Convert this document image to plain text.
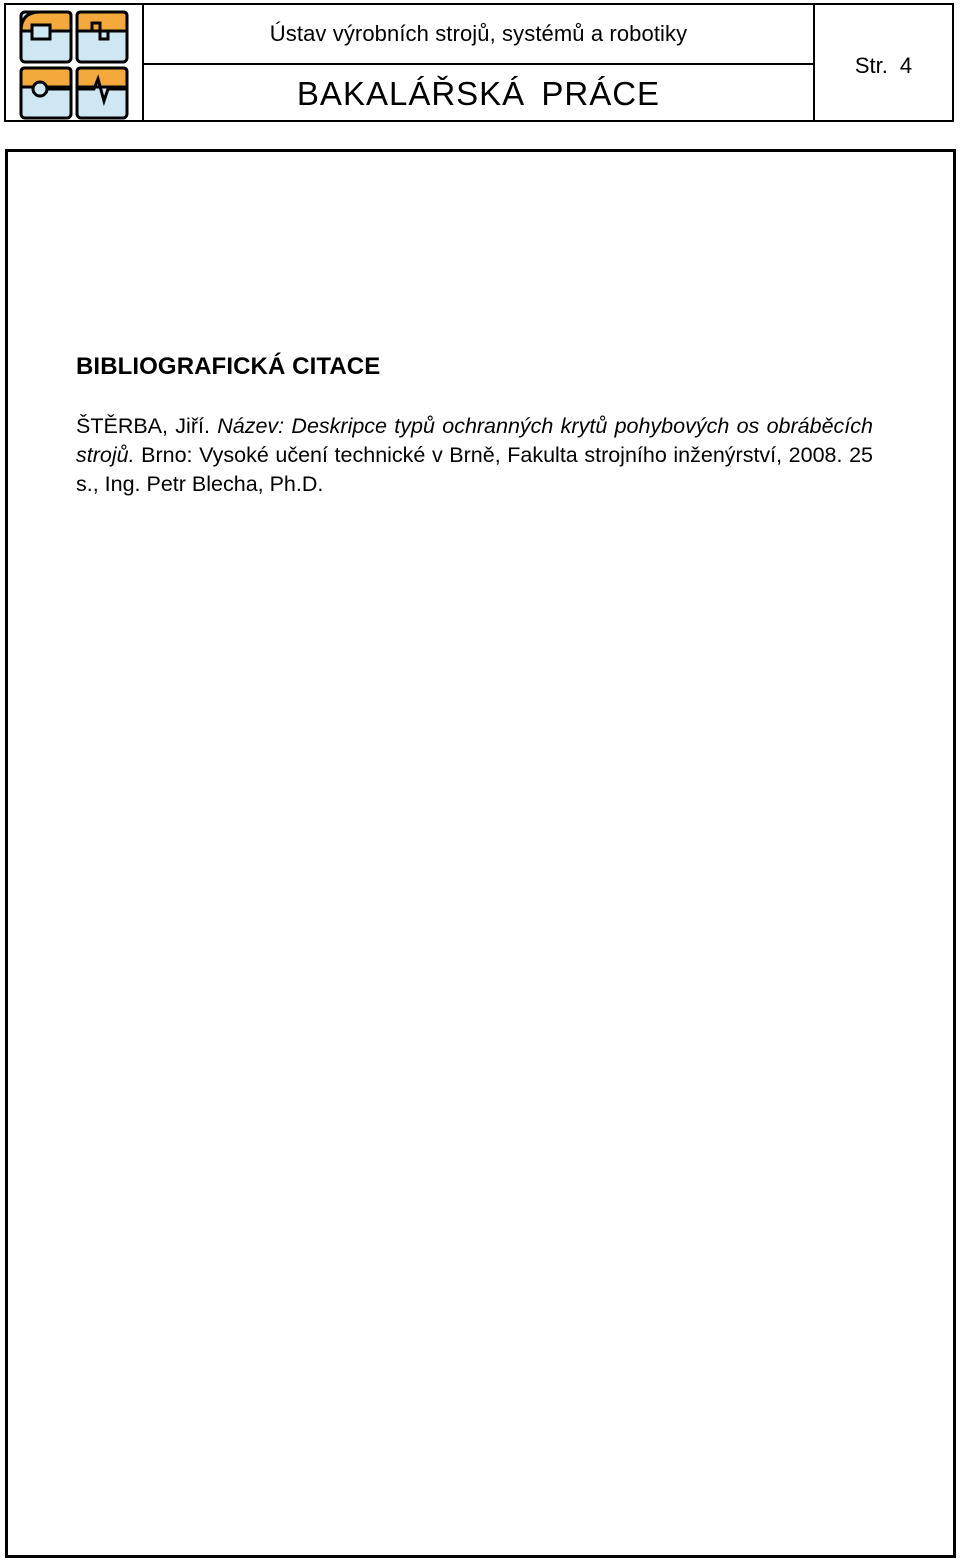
Ústav výrobních strojů, systémů a robotiky
BAKALÁŘSKÁ PRÁCE
Str. 4
BIBLIOGRAFICKÁ CITACE
ŠTĚRBA, Jiří. Název: Deskripce typů ochranných krytů pohybových os obráběcích strojů. Brno: Vysoké učení technické v Brně, Fakulta strojního inženýrství, 2008. 25 s., Ing. Petr Blecha, Ph.D.
